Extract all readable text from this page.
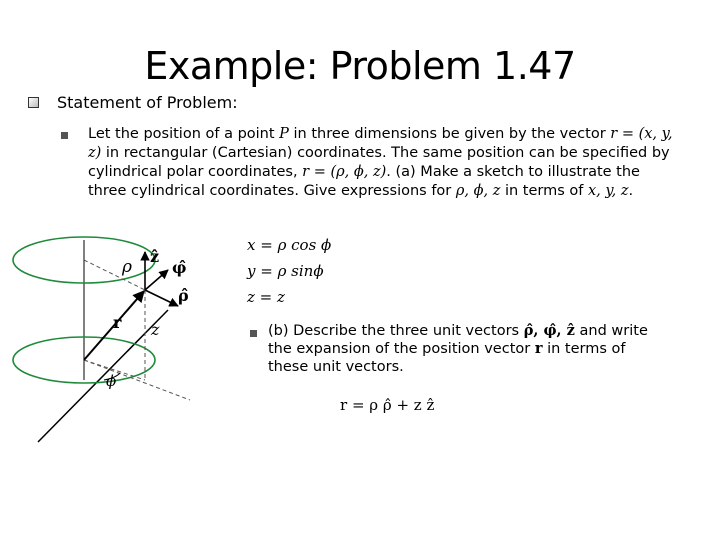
Example: Problem 1.47
Statement of Problem:
Let the position of a point P in three dimensions be given by the vector r = (x, y, z) in rectangular (Cartesian) coordinates. The same position can be specified by cylindrical polar coordinates, r = (ρ, ϕ, z). (a) Make a sketch to illustrate the three cylindrical coordinates. Give expressions for ρ, ϕ, z in terms of x, y, z.
x = ρ cos ϕ
y = ρ sinϕ
z = z
(b) Describe the three unit vectors ρ̂, φ̂, ẑ and write the expansion of the position vector r in terms of these unit vectors.
r = ρ ρ̂ + z ẑ
ρ
ẑ
φ̂
ρ̂
r z
ϕ
